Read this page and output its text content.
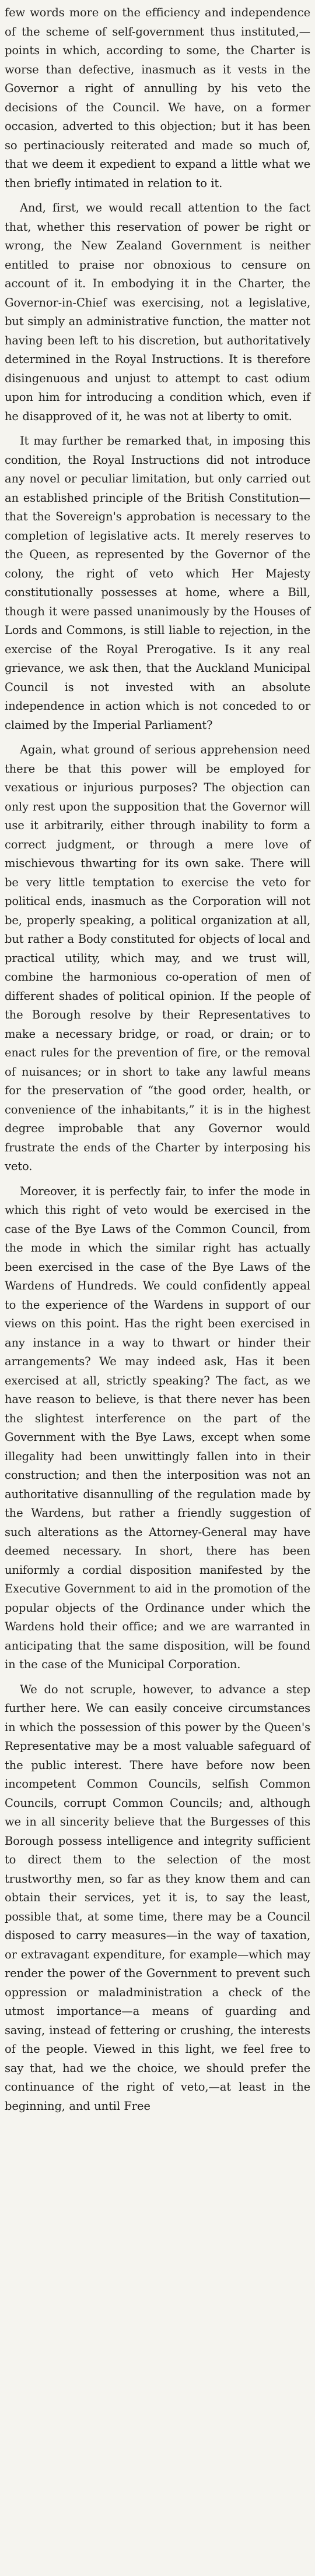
few words more on the efficiency and independence of the scheme of self-government thus instituted,—points in which, according to some, the Charter is worse than defective, inasmuch as it vests in the Governor a right of annulling by his veto the decisions of the Council. We have, on a former occasion, adverted to this objection; but it has been so pertinaciously reiterated and made so much of, that we deem it expedient to expand a little what we then briefly intimated in relation to it.

And, first, we would recall attention to the fact that, whether this reservation of power be right or wrong, the New Zealand Government is neither entitled to praise nor obnoxious to censure on account of it. In embodying it in the Charter, the Governor-in-Chief was exercising, not a legislative, but simply an administrative function, the matter not having been left to his discretion, but authoritatively determined in the Royal Instructions. It is therefore disingenuous and unjust to attempt to cast odium upon him for introducing a condition which, even if he disapproved of it, he was not at liberty to omit.

It may further be remarked that, in imposing this condition, the Royal Instructions did not introduce any novel or peculiar limitation, but only carried out an established principle of the British Constitution—that the Sovereign's approbation is necessary to the completion of legislative acts. It merely reserves to the Queen, as represented by the Governor of the colony, the right of veto which Her Majesty constitutionally possesses at home, where a Bill, though it were passed unanimously by the Houses of Lords and Commons, is still liable to rejection, in the exercise of the Royal Prerogative. Is it any real grievance, we ask then, that the Auckland Municipal Council is not invested with an absolute independence in action which is not conceded to or claimed by the Imperial Parliament?

Again, what ground of serious apprehension need there be that this power will be employed for vexatious or injurious purposes? The objection can only rest upon the supposition that the Governor will use it arbitrarily, either through inability to form a correct judgment, or through a mere love of mischievous thwarting for its own sake. There will be very little temptation to exercise the veto for political ends, inasmuch as the Corporation will not be, properly speaking, a political organization at all, but rather a Body constituted for objects of local and practical utility, which may, and we trust will, combine the harmonious co-operation of men of different shades of political opinion. If the people of the Borough resolve by their Representatives to make a necessary bridge, or road, or drain; or to enact rules for the prevention of fire, or the removal of nuisances; or in short to take any lawful means for the preservation of “the good order, health, or convenience of the inhabitants,” it is in the highest degree improbable that any Governor would frustrate the ends of the Charter by interposing his veto.

Moreover, it is perfectly fair, to infer the mode in which this right of veto would be exercised in the case of the Bye Laws of the Common Council, from the mode in which the similar right has actually been exercised in the case of the Bye Laws of the Wardens of Hundreds. We could confidently appeal to the experience of the Wardens in support of our views on this point. Has the right been exercised in any instance in a way to thwart or hinder their arrangements? We may indeed ask, Has it been exercised at all, strictly speaking? The fact, as we have reason to believe, is that there never has been the slightest interference on the part of the Government with the Bye Laws, except when some illegality had been unwittingly fallen into in their construction; and then the interposition was not an authoritative disannulling of the regulation made by the Wardens, but rather a friendly suggestion of such alterations as the Attorney-General may have deemed necessary. In short, there has been uniformly a cordial disposition manifested by the Executive Government to aid in the promotion of the popular objects of the Ordinance under which the Wardens hold their office; and we are warranted in anticipating that the same disposition, will be found in the case of the Municipal Corporation.

We do not scruple, however, to advance a step further here. We can easily conceive circumstances in which the possession of this power by the Queen's Representative may be a most valuable safeguard of the public interest. There have before now been incompetent Common Councils, selfish Common Councils, corrupt Common Councils; and, although we in all sincerity believe that the Burgesses of this Borough possess intelligence and integrity sufficient to direct them to the selection of the most trustworthy men, so far as they know them and can obtain their services, yet it is, to say the least, possible that, at some time, there may be a Council disposed to carry measures—in the way of taxation, or extravagant expenditure, for example—which may render the power of the Government to prevent such oppression or maladministration a check of the utmost importance—a means of guarding and saving, instead of fettering or crushing, the interests of the people. Viewed in this light, we feel free to say that, had we the choice, we should prefer the continuance of the right of veto,—at least in the beginning, and until Free
